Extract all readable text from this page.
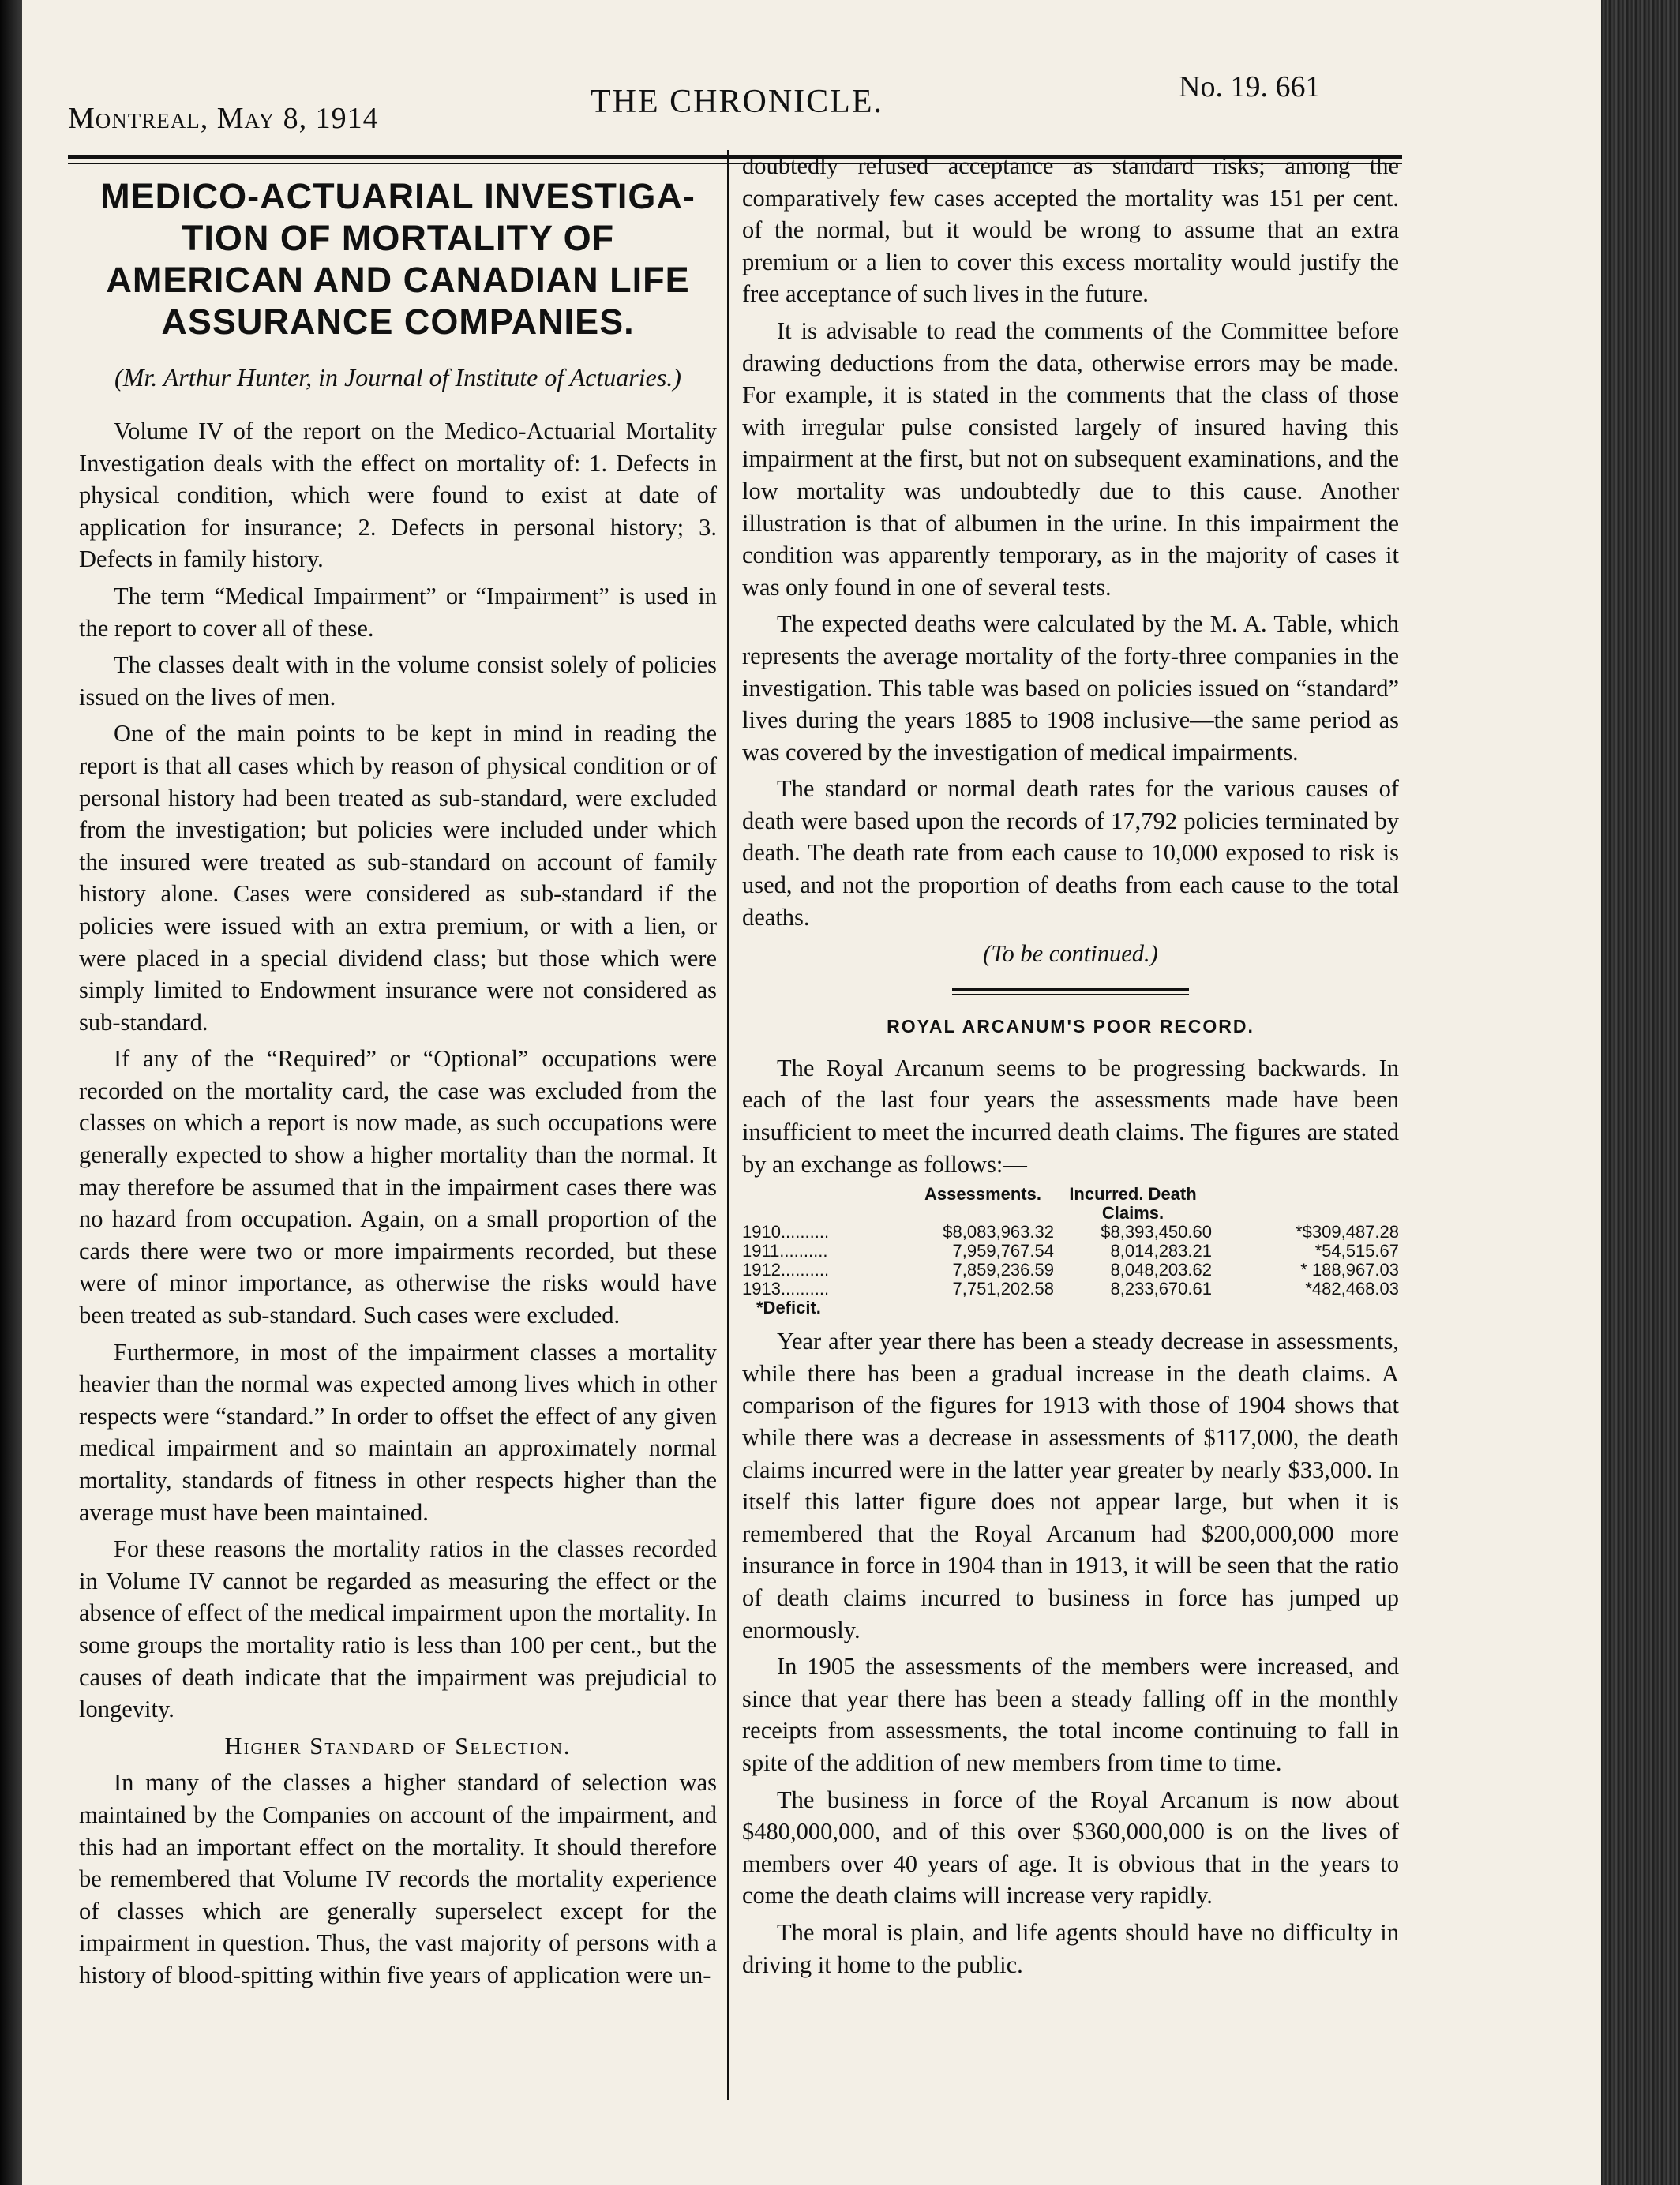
Montreal, May 8, 1914	THE CHRONICLE.	No. 19. 661
MEDICO-ACTUARIAL INVESTIGA-TION OF MORTALITY OF AMERICAN AND CANADIAN LIFE ASSURANCE COMPANIES.
(Mr. Arthur Hunter, in Journal of Institute of Actuaries.)

Volume IV of the report on the Medico-Actuarial Mortality Investigation deals with the effect on mortality of: 1. Defects in physical condition, which were found to exist at date of application for insurance; 2. Defects in personal history; 3. Defects in family history.

The term “Medical Impairment” or “Impairment” is used in the report to cover all of these.

The classes dealt with in the volume consist solely of policies issued on the lives of men.

One of the main points to be kept in mind in reading the report is that all cases which by reason of physical condition or of personal history had been treated as sub-standard, were excluded from the investigation; but policies were included under which the insured were treated as sub-standard on account of family history alone. Cases were considered as sub-standard if the policies were issued with an extra premium, or with a lien, or were placed in a special dividend class; but those which were simply limited to Endowment insurance were not considered as sub-standard.

If any of the “Required” or “Optional” occupations were recorded on the mortality card, the case was excluded from the classes on which a report is now made, as such occupations were generally expected to show a higher mortality than the normal. It may therefore be assumed that in the impairment cases there was no hazard from occupation. Again, on a small proportion of the cards there were two or more impairments recorded, but these were of minor importance, as otherwise the risks would have been treated as sub-standard. Such cases were excluded.

Furthermore, in most of the impairment classes a mortality heavier than the normal was expected among lives which in other respects were “standard.” In order to offset the effect of any given medical impairment and so maintain an approximately normal mortality, standards of fitness in other respects higher than the average must have been maintained.

For these reasons the mortality ratios in the classes recorded in Volume IV cannot be regarded as measuring the effect or the absence of effect of the medical impairment upon the mortality. In some groups the mortality ratio is less than 100 per cent., but the causes of death indicate that the impairment was prejudicial to longevity.

Higher Standard of Selection.

In many of the classes a higher standard of selection was maintained by the Companies on account of the impairment, and this had an important effect on the mortality. It should therefore be remembered that Volume IV records the mortality experience of classes which are generally superselect except for the impairment in question. Thus, the vast majority of persons with a history of blood-spitting within five years of application were un-

doubtedly refused acceptance as standard risks; among the comparatively few cases accepted the mortality was 151 per cent. of the normal, but it would be wrong to assume that an extra premium or a lien to cover this excess mortality would justify the free acceptance of such lives in the future.

It is advisable to read the comments of the Committee before drawing deductions from the data, otherwise errors may be made. For example, it is stated in the comments that the class of those with irregular pulse consisted largely of insured having this impairment at the first, but not on subsequent examinations, and the low mortality was undoubtedly due to this cause. Another illustration is that of albumen in the urine. In this impairment the condition was apparently temporary, as in the majority of cases it was only found in one of several tests.

The expected deaths were calculated by the M. A. Table, which represents the average mortality of the forty-three companies in the investigation. This table was based on policies issued on “standard” lives during the years 1885 to 1908 inclusive—the same period as was covered by the investigation of medical impairments.

The standard or normal death rates for the various causes of death were based upon the records of 17,792 policies terminated by death. The death rate from each cause to 10,000 exposed to risk is used, and not the proportion of deaths from each cause to the total deaths.

(To be continued.)
ROYAL ARCANUM'S POOR RECORD.

The Royal Arcanum seems to be progressing backwards. In each of the last four years the assessments made have been insufficient to meet the incurred death claims. The figures are stated by an exchange as follows:—

Assessments.	Incurred. Death Claims.
1910..........	$8,083,963.32	$8,393,450.60	*$309,487.28
1911..........	7,959,767.54	8,014,283.21	*54,515.67
1912..........	7,859,236.59	8,048,203.62	* 188,967.03
1913..........	7,751,202.58	8,233,670.61	*482,468.03
*Deficit.

Year after year there has been a steady decrease in assessments, while there has been a gradual increase in the death claims. A comparison of the figures for 1913 with those of 1904 shows that while there was a decrease in assessments of $117,000, the death claims incurred were in the latter year greater by nearly $33,000. In itself this latter figure does not appear large, but when it is remembered that the Royal Arcanum had $200,000,000 more insurance in force in 1904 than in 1913, it will be seen that the ratio of death claims incurred to business in force has jumped up enormously.

In 1905 the assessments of the members were increased, and since that year there has been a steady falling off in the monthly receipts from assessments, the total income continuing to fall in spite of the addition of new members from time to time.

The business in force of the Royal Arcanum is now about $480,000,000, and of this over $360,000,000 is on the lives of members over 40 years of age. It is obvious that in the years to come the death claims will increase very rapidly.

The moral is plain, and life agents should have no difficulty in driving it home to the public.
